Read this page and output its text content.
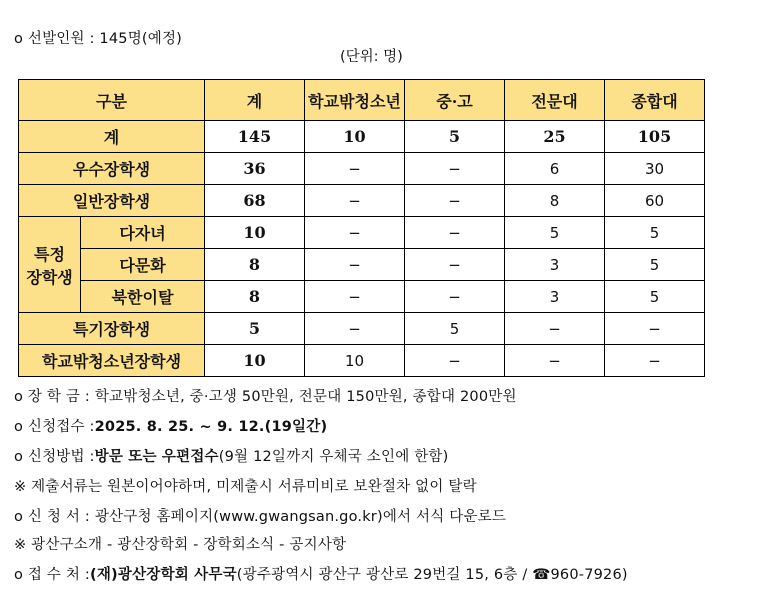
o 선발인원 : 145명(예정)
(단위: 명)
구분		계	학교밖청소년	중·고	전문대	종합대
계		145	10	5	25	105
우수장학생		36	−	−	6	30
일반장학생		68	−	−	8	60
특정
장학생	다자녀	10	−	−	5	5
	다문화	8	−	−	3	5
	북한이탈	8	−	−	3	5
특기장학생		5	−	5	−	−
학교밖청소년장학생		10	10	−	−	−
o 장 학 금 : 학교밖청소년, 중·고생 50만원, 전문대 150만원, 종합대 200만원
o 신청접수 :2025. 8. 25. ~ 9. 12.(19일간)
o 신청방법 :방문 또는 우편접수(9월 12일까지 우체국 소인에 한함)
※ 제출서류는 원본이어야하며, 미제출시 서류미비로 보완절차 없이 탈락
o 신 청 서 : 광산구청 홈페이지(www.gwangsan.go.kr)에서 서식 다운로드
※ 광산구소개 - 광산장학회 - 장학회소식 - 공지사항
o 접 수 처 :(재)광산장학회 사무국(광주광역시 광산구 광산로 29번길 15, 6층 / ☎960-7926)
